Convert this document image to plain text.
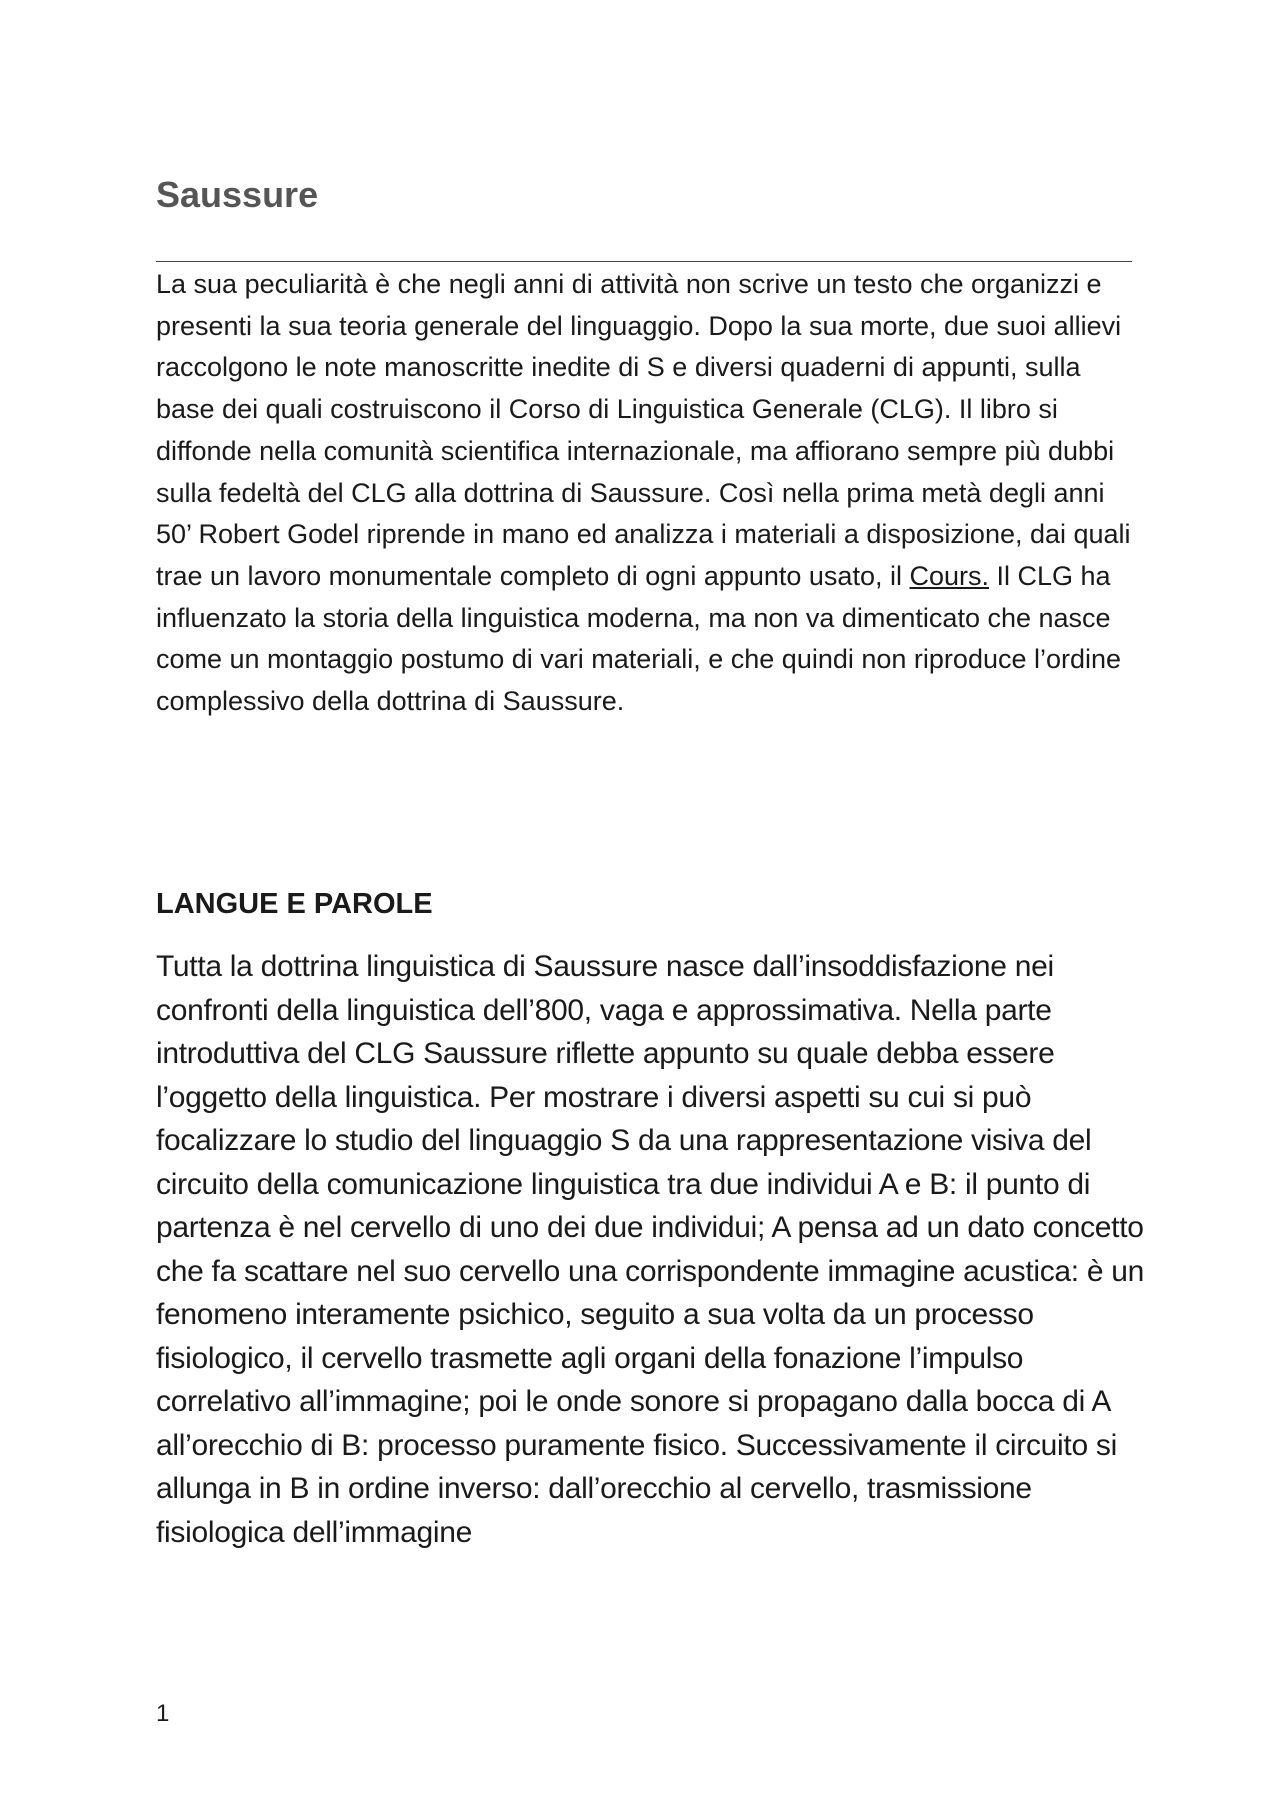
Saussure

La sua peculiarità è che negli anni di attività non scrive un testo che organizzi e presenti la sua teoria generale del linguaggio. Dopo la sua morte, due suoi allievi raccolgono le note manoscritte inedite di S e diversi quaderni di appunti, sulla base dei quali costruiscono il Corso di Linguistica Generale (CLG). Il libro si diffonde nella comunità scientifica internazionale, ma affiorano sempre più dubbi sulla fedeltà del CLG alla dottrina di Saussure. Così nella prima metà degli anni 50’ Robert Godel riprende in mano ed analizza i materiali a disposizione, dai quali trae un lavoro monumentale completo di ogni appunto usato, il Cours. Il CLG ha influenzato la storia della linguistica moderna, ma non va dimenticato che nasce come un montaggio postumo di vari materiali, e che quindi non riproduce l’ordine complessivo della dottrina di Saussure.

LANGUE E PAROLE

Tutta la dottrina linguistica di Saussure nasce dall’insoddisfazione nei confronti della linguistica dell’800, vaga e approssimativa. Nella parte introduttiva del CLG Saussure riflette appunto su quale debba essere l’oggetto della linguistica. Per mostrare i diversi aspetti su cui si può focalizzare lo studio del linguaggio S da una rappresentazione visiva del circuito della comunicazione linguistica tra due individui A e B: il punto di partenza è nel cervello di uno dei due individui; A pensa ad un dato concetto che fa scattare nel suo cervello una corrispondente immagine acustica: è un fenomeno interamente psichico, seguito a sua volta da un processo fisiologico, il cervello trasmette agli organi della fonazione l’impulso correlativo all’immagine; poi le onde sonore si propagano dalla bocca di A all’orecchio di B: processo puramente fisico. Successivamente il circuito si allunga in B in ordine inverso: dall’orecchio al cervello, trasmissione fisiologica dell’immagine

1
